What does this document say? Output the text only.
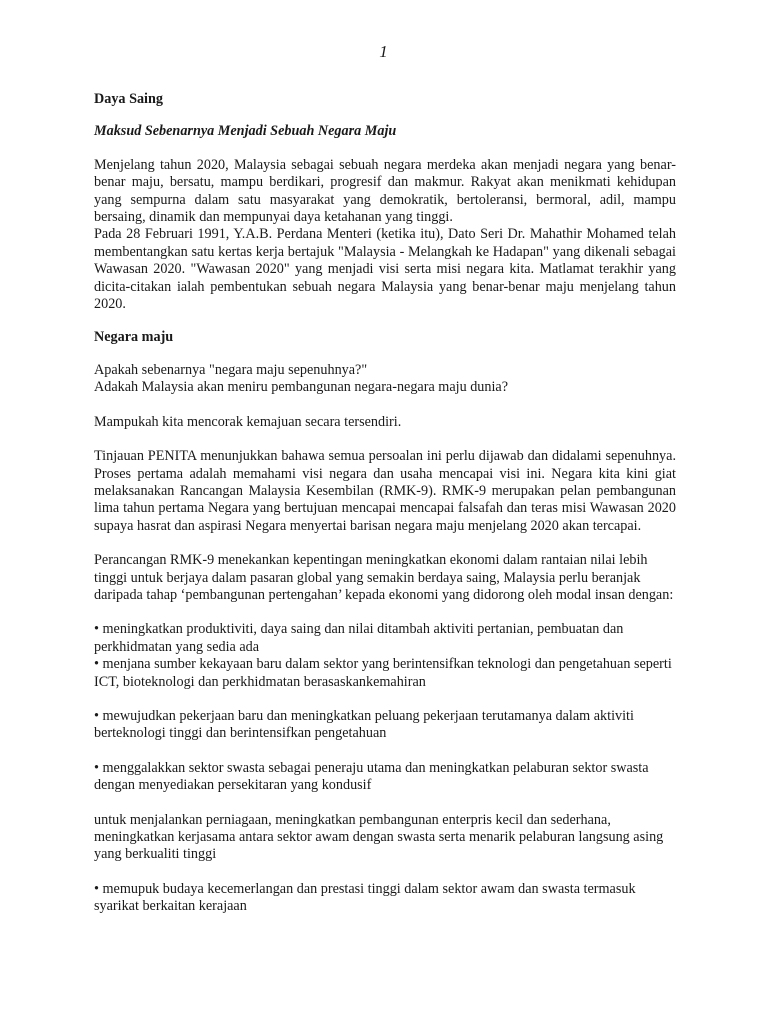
1
Daya Saing
Maksud Sebenarnya Menjadi Sebuah Negara Maju

Menjelang tahun 2020, Malaysia sebagai sebuah negara merdeka akan menjadi negara yang benar-benar maju, bersatu, mampu berdikari, progresif dan makmur. Rakyat akan menikmati kehidupan yang sempurna dalam satu masyarakat yang demokratik, bertoleransi, bermoral, adil, mampu bersaing, dinamik dan mempunyai daya ketahanan yang tinggi.

Pada 28 Februari 1991, Y.A.B. Perdana Menteri (ketika itu), Dato Seri Dr. Mahathir Mohamed telah membentangkan satu kertas kerja bertajuk "Malaysia - Melangkah ke Hadapan" yang dikenali sebagai Wawasan 2020. "Wawasan 2020" yang menjadi visi serta misi negara kita. Matlamat terakhir yang dicita-citakan ialah pembentukan sebuah negara Malaysia yang benar-benar maju menjelang tahun 2020.

Negara maju

Apakah sebenarnya "negara maju sepenuhnya?"

Adakah Malaysia akan meniru pembangunan negara-negara maju dunia?

Mampukah kita mencorak kemajuan secara tersendiri.

Tinjauan PENITA menunjukkan bahawa semua persoalan ini perlu dijawab dan didalami sepenuhnya. Proses pertama adalah memahami visi negara dan usaha mencapai visi ini. Negara kita kini giat melaksanakan Rancangan Malaysia Kesembilan (RMK-9). RMK-9 merupakan pelan pembangunan lima tahun pertama Negara yang bertujuan mencapai mencapai falsafah dan teras misi Wawasan 2020 supaya hasrat dan aspirasi Negara menyertai barisan negara maju menjelang 2020 akan tercapai.

Perancangan RMK-9 menekankan kepentingan meningkatkan ekonomi dalam rantaian nilai lebih tinggi untuk berjaya dalam pasaran global yang semakin berdaya saing, Malaysia perlu beranjak daripada tahap ‘pembangunan pertengahan’ kepada ekonomi yang didorong oleh modal insan dengan:

• meningkatkan produktiviti, daya saing dan nilai ditambah aktiviti pertanian, pembuatan dan perkhidmatan yang sedia ada

• menjana sumber kekayaan baru dalam sektor yang berintensifkan teknologi dan pengetahuan seperti ICT, bioteknologi dan perkhidmatan berasaskankemahiran

• mewujudkan pekerjaan baru dan meningkatkan peluang pekerjaan terutamanya dalam aktiviti berteknologi tinggi dan berintensifkan pengetahuan

• menggalakkan sektor swasta sebagai peneraju utama dan meningkatkan pelaburan sektor swasta dengan menyediakan persekitaran yang kondusif

untuk menjalankan perniagaan, meningkatkan pembangunan enterpris kecil dan sederhana, meningkatkan kerjasama antara sektor awam dengan swasta serta menarik pelaburan langsung asing yang berkualiti tinggi

• memupuk budaya kecemerlangan dan prestasi tinggi dalam sektor awam dan swasta termasuk syarikat berkaitan kerajaan
